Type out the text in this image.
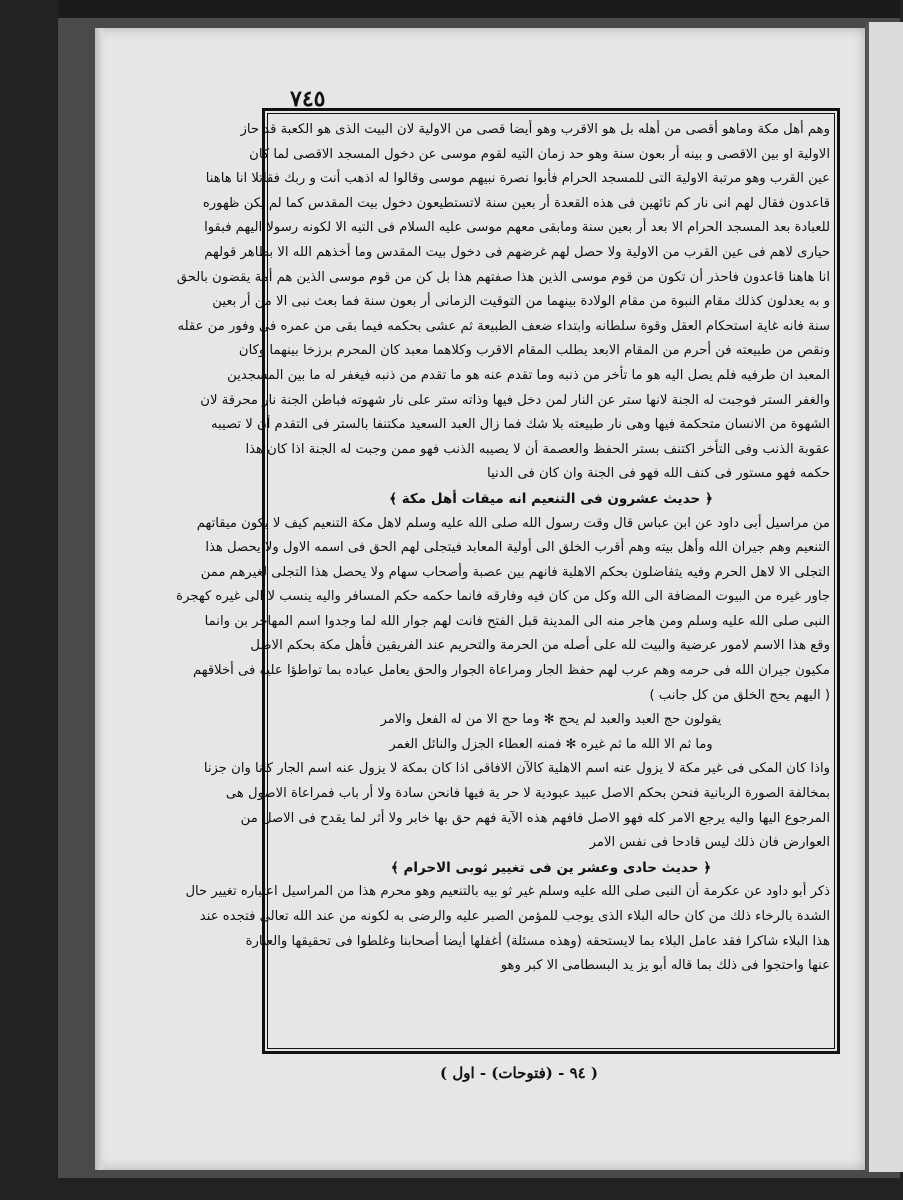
٧٤٥
وهم أهل مكة وماهو أقصى من أهله بل هو الاقرب وهو أيضا قصى من الاولية لان البيت الذى هو الكعبة قد حاز
الاولية او بين الاقصى و بينه أر بعون سنة وهو حد زمان التيه لقوم موسى عن دخول المسجد الاقصى لما كان
عين القرب وهو مرتبة الاولية التى للمسجد الحرام فأبوا نصرة نبيهم موسى وقالوا له اذهب أنت و ربك فقاتلا انا هاهنا
قاعدون فقال لهم انى نار كم تائهين فى هذه القعدة أر بعين سنة لاتستطيعون دخول بيت المقدس كما لم يكن ظهوره
للعبادة بعد المسجد الحرام الا بعد أر بعين سنة ومابقى معهم موسى عليه السلام فى التيه الا لكونه رسولا اليهم فبقوا
حيارى لاهم فى عين القرب من الاولية ولا حصل لهم غرضهم فى دخول بيت المقدس وما أخذهم الله الا بظاهر قولهم
انا هاهنا قاعدون فاحذر أن تكون من قوم موسى الذين هذا صفتهم هذا بل كن من قوم موسى الذين هم أمة يقضون بالحق
و به يعدلون كذلك مقام النبوة من مقام الولادة بينهما من التوقيت الزمانى أر بعون سنة فما بعث نبى الا من أر بعين
سنة فانه غاية استحكام العقل وقوة سلطانه وابتداء ضعف الطبيعة ثم عشى بحكمه فيما بقى من عمره فى وفور من عقله
ونقص من طبيعته فن أحرم من المقام الابعد يطلب المقام الاقرب وكلاهما معبد كان المحرم برزخا بينهما وكان
المعبد ان طرفيه فلم يصل اليه هو ما تأخر من ذنبه وما تقدم عنه هو ما تقدم من ذنبه فيغفر له ما بين المسجدين
والغفر الستر فوجبت له الجنة لانها ستر عن النار لمن دخل فيها وذاته ستر على نار شهوته فباطن الجنة نار محرقة لان
الشهوة من الانسان متحكمة فيها وهى نار طبيعته بلا شك فما زال العبد السعيد مكتنفا بالستر فى التقدم أن لا تصيبه
عقوبة الذنب وفى التأخر اكتنف بستر الحفظ والعصمة أن لا يصيبه الذنب فهو ممن وجبت له الجنة اذا كان هذا
حكمه فهو مستور فى كنف الله فهو فى الجنة وان كان فى الدنيا
﴿ حديث عشرون فى التنعيم انه ميقات أهل مكة ﴾
من مراسيل أبى داود عن ابن عباس قال وقت رسول الله صلى الله عليه وسلم لاهل مكة التنعيم كيف لا يكون ميقاتهم
التنعيم وهم جيران الله وأهل بيته وهم أقرب الخلق الى أولية المعابد فيتجلى لهم الحق فى اسمه الاول ولا يحصل هذا
التجلى الا لاهل الحرم وفيه يتفاضلون بحكم الاهلية فانهم بين عصبة وأصحاب سهام ولا يحصل هذا التجلى لغيرهم ممن
جاور غيره من البيوت المضافة الى الله وكل من كان فيه وفارقه فانما حكمه حكم المسافر واليه ينسب لا الى غيره كهجرة
النبى صلى الله عليه وسلم ومن هاجر منه الى المدينة قبل الفتح فانت لهم جوار الله لما وجدوا اسم المهاجر بن وانما
وقع هذا الاسم لامور عرضية والبيت لله على أصله من الحرمة والتحريم عند الفريقين فأهل مكة بحكم الاصل
مكيون جيران الله فى حرمه وهم عرب لهم حفظ الجار ومراعاة الجوار والحق يعامل عباده بما تواطؤا عليه فى أخلاقهم
( اليهم يحج الخلق من كل جانب )
يقولون حج العبد والعبد لم يحج ✻ وما حج الا من له الفعل والامر
وما ثم الا الله ما ثم غيره ✻ فمنه العطاء الجزل والنائل الغمر
واذا كان المكى فى غير مكة لا يزول عنه اسم الاهلية كالآن الافاقى اذا كان بمكة لا يزول عنه اسم الجار كانا وان جزنا
بمخالفة الصورة الربانية فنحن بحكم الاصل عبيد عبودية لا حر ية فيها فانحن سادة ولا أر باب فمراعاة الاصول هى
المرجوع اليها واليه يرجع الامر كله فهو الاصل فافهم هذه الآية فهم حق بها خابر ولا أثر لما يقدح فى الاصل من
العوارض فان ذلك ليس قادحا فى نفس الامر
﴿ حديث حادى وعشر ين فى تغيير ثوبى الاحرام ﴾
ذكر أبو داود عن عكرمة أن النبى صلى الله عليه وسلم غير ثو بيه بالتنعيم وهو محرم هذا من المراسيل اعتباره تغيير حال
الشدة بالرخاء ذلك من كان حاله البلاء الذى يوجب للمؤمن الصبر عليه والرضى به لكونه من عند الله تعالى فتجده عند
هذا البلاء شاكرا فقد عامل البلاء بما لايستحقه (وهذه مسئلة) أغفلها أيضا أصحابنا وغلطوا فى تحقيقها والعبارة
عنها واحتجوا فى ذلك بما قاله أبو يز يد البسطامى الا كبر وهو
( ٩٤ - (فتوحات) - اول )
